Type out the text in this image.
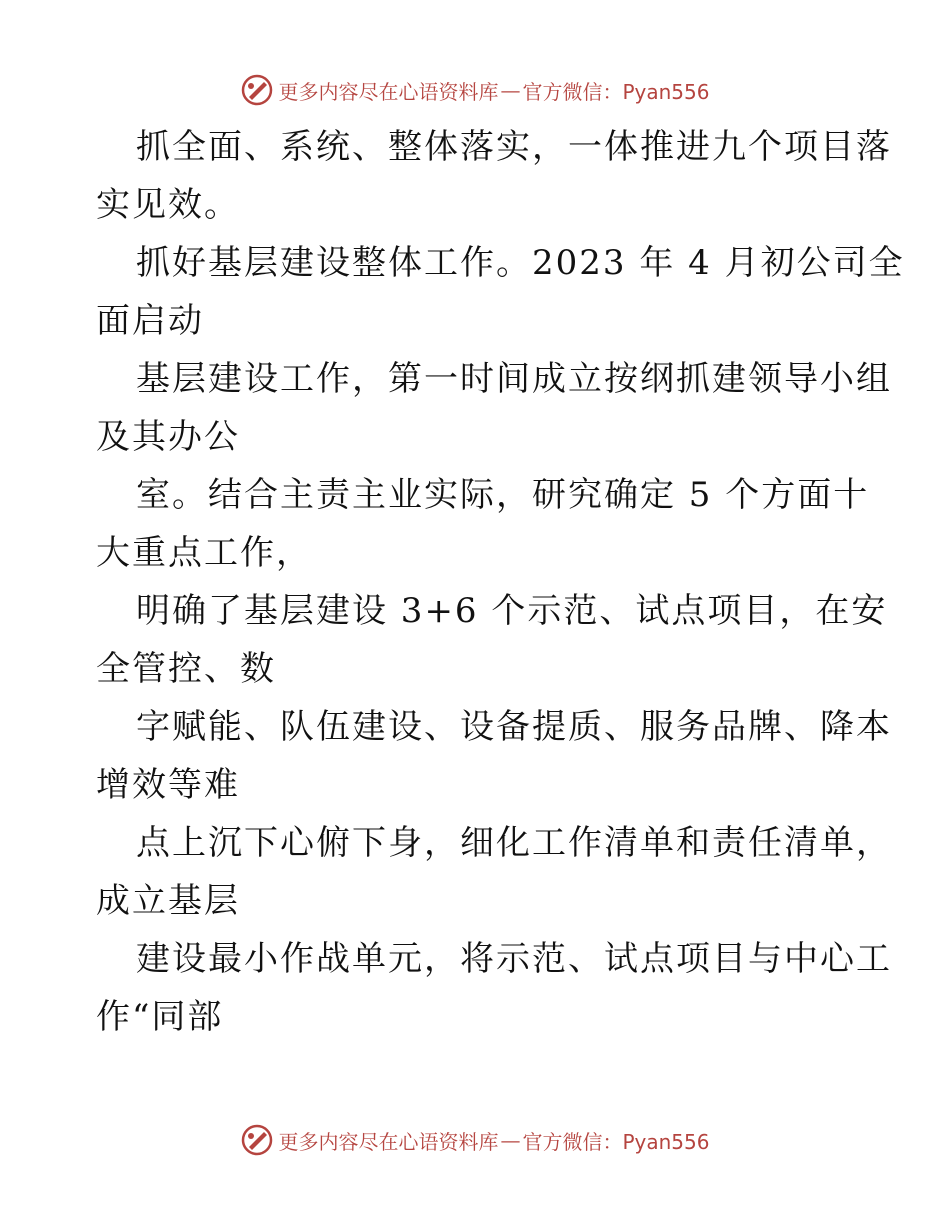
更多内容尽在心语资料库 — 官方微信：Pyan556
抓全面、系统、整体落实，一体推进九个项目落
实见效。
抓好基层建设整体工作。2023 年 4 月初公司全
面启动
基层建设工作，第一时间成立按纲抓建领导小组
及其办公
室。结合主责主业实际，研究确定 5 个方面十
大重点工作，
明确了基层建设 3+6 个示范、试点项目，在安
全管控、数
字赋能、队伍建设、设备提质、服务品牌、降本
增效等难
点上沉下心俯下身，细化工作清单和责任清单，
成立基层
建设最小作战单元，将示范、试点项目与中心工
作“同部
更多内容尽在心语资料库 — 官方微信：Pyan556
